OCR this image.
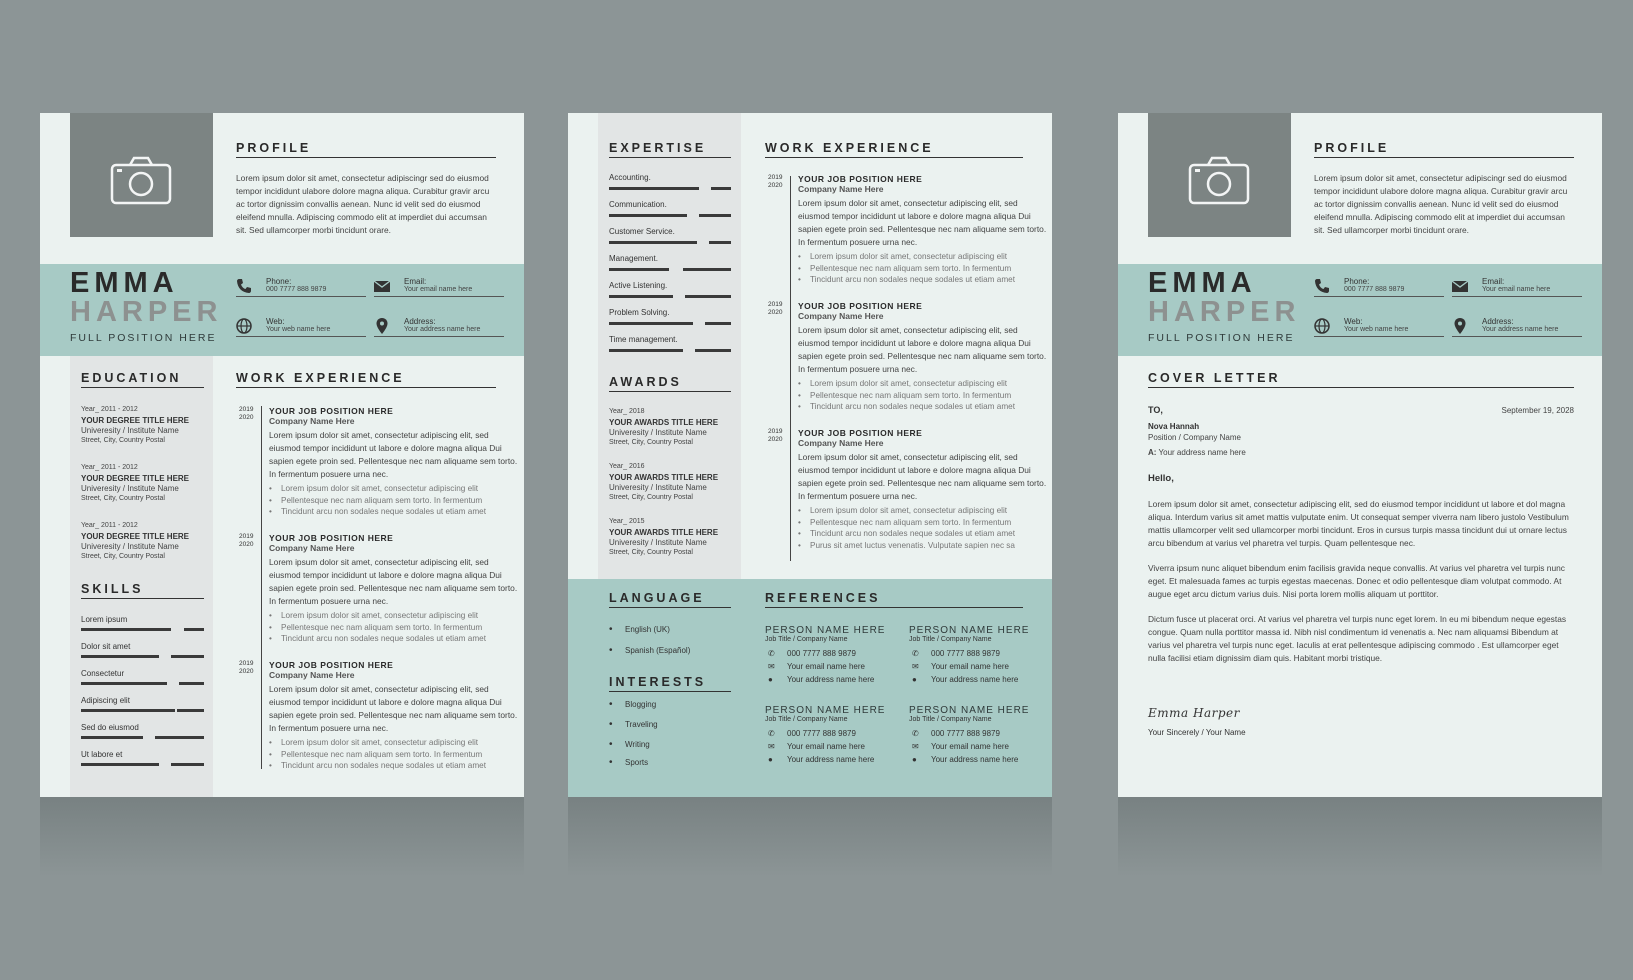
PROFILE
Lorem ipsum dolor sit amet, consectetur adipiscingr sed do eiusmod tempor incididunt ulabore dolore magna aliqua. Curabitur gravir arcu ac tortor dignissim convallis aenean. Nunc id velit sed do eiusmod eleifend mnulla. Adipiscing commodo elit at imperdiet dui accumsan sit. Sed ullamcorper morbi tincidunt orare.
EMMA
HARPER
FULL POSITION HERE
Phone:
000 7777 888 9879
Email:
Your email name here
Web:
Your web name here
Address:
Your address name here
EDUCATION
Year_ 2011 - 2012
YOUR DEGREE TITLE HERE
Univeresity / Institute Name
Street, City, Country Postal
Year_ 2011 - 2012
YOUR DEGREE TITLE HERE
Univeresity / Institute Name
Street, City, Country Postal
Year_ 2011 - 2012
YOUR DEGREE TITLE HERE
Univeresity / Institute Name
Street, City, Country Postal
SKILLS
Lorem ipsum
Dolor sit amet
Consectetur
Adipiscing elit
Sed do eiusmod
Ut labore et
WORK EXPERIENCE
2019
2020
YOUR JOB POSITION HERE
Company Name Here
Lorem ipsum dolor sit amet, consectetur adipiscing elit, sed eiusmod tempor incididunt ut labore e dolore magna aliqua Dui sapien egete proin sed. Pellentesque nec nam aliquame sem torto. In fermentum posuere urna nec.
• Lorem ipsum dolor sit amet, consectetur adipiscing elit
• Pellentesque nec nam aliquam sem torto. In fermentum
• Tincidunt arcu non sodales neque sodales ut etiam amet
2019
2020
YOUR JOB POSITION HERE
Company Name Here
Lorem ipsum dolor sit amet, consectetur adipiscing elit, sed eiusmod tempor incididunt ut labore e dolore magna aliqua Dui sapien egete proin sed. Pellentesque nec nam aliquame sem torto. In fermentum posuere urna nec.
• Lorem ipsum dolor sit amet, consectetur adipiscing elit
• Pellentesque nec nam aliquam sem torto. In fermentum
• Tincidunt arcu non sodales neque sodales ut etiam amet
2019
2020
YOUR JOB POSITION HERE
Company Name Here
Lorem ipsum dolor sit amet, consectetur adipiscing elit, sed eiusmod tempor incididunt ut labore e dolore magna aliqua Dui sapien egete proin sed. Pellentesque nec nam aliquame sem torto. In fermentum posuere urna nec.
• Lorem ipsum dolor sit amet, consectetur adipiscing elit
• Pellentesque nec nam aliquam sem torto. In fermentum
• Tincidunt arcu non sodales neque sodales ut etiam amet
EXPERTISE
Accounting.
Communication.
Customer Service.
Management.
Active Listening.
Problem Solving.
Time management.
AWARDS
Year_ 2018
YOUR AWARDS TITLE HERE
Univeresity / Institute Name
Street, City, Country Postal
Year_ 2016
YOUR AWARDS TITLE HERE
Univeresity / Institute Name
Street, City, Country Postal
Year_ 2015
YOUR AWARDS TITLE HERE
Univeresity / Institute Name
Street, City, Country Postal
WORK EXPERIENCE
2019
2020
YOUR JOB POSITION HERE
Company Name Here
Lorem ipsum dolor sit amet, consectetur adipiscing elit, sed eiusmod tempor incididunt ut labore e dolore magna aliqua Dui sapien egete proin sed. Pellentesque nec nam aliquame sem torto. In fermentum posuere urna nec.
• Lorem ipsum dolor sit amet, consectetur adipiscing elit
• Pellentesque nec nam aliquam sem torto. In fermentum
• Tincidunt arcu non sodales neque sodales ut etiam amet
2019
2020
YOUR JOB POSITION HERE
Company Name Here
Lorem ipsum dolor sit amet, consectetur adipiscing elit, sed eiusmod tempor incididunt ut labore e dolore magna aliqua Dui sapien egete proin sed. Pellentesque nec nam aliquame sem torto. In fermentum posuere urna nec.
• Lorem ipsum dolor sit amet, consectetur adipiscing elit
• Pellentesque nec nam aliquam sem torto. In fermentum
• Tincidunt arcu non sodales neque sodales ut etiam amet
2019
2020
YOUR JOB POSITION HERE
Company Name Here
Lorem ipsum dolor sit amet, consectetur adipiscing elit, sed eiusmod tempor incididunt ut labore e dolore magna aliqua Dui sapien egete proin sed. Pellentesque nec nam aliquame sem torto. In fermentum posuere urna nec.
• Lorem ipsum dolor sit amet, consectetur adipiscing elit
• Pellentesque nec nam aliquam sem torto. In fermentum
• Tincidunt arcu non sodales neque sodales ut etiam amet
• Purus sit amet luctus venenatis. Vulputate sapien nec sa
LANGUAGE
• English (UK)
• Spanish (Español)
INTERESTS
• Blogging
• Traveling
• Writing
• Sports
REFERENCES
PERSON NAME HERE
Job Title / Company Name
✆ 000 7777 888 9879
✉ Your email name here
● Your address name here
PERSON NAME HERE
Job Title / Company Name
✆ 000 7777 888 9879
✉ Your email name here
● Your address name here
PERSON NAME HERE
Job Title / Company Name
✆ 000 7777 888 9879
✉ Your email name here
● Your address name here
PERSON NAME HERE
Job Title / Company Name
✆ 000 7777 888 9879
✉ Your email name here
● Your address name here
PROFILE
Lorem ipsum dolor sit amet, consectetur adipiscingr sed do eiusmod tempor incididunt ulabore dolore magna aliqua. Curabitur gravir arcu ac tortor dignissim convallis aenean. Nunc id velit sed do eiusmod eleifend mnulla. Adipiscing commodo elit at imperdiet dui accumsan sit. Sed ullamcorper morbi tincidunt orare.
EMMA
HARPER
FULL POSITION HERE
Phone:
000 7777 888 9879
Email:
Your email name here
Web:
Your web name here
Address:
Your address name here
COVER LETTER
TO,	September 19, 2028
Nova Hannah
Position / Company Name
A: Your address name here
Hello,
Lorem ipsum dolor sit amet, consectetur adipiscing elit, sed do eiusmod tempor incididunt ut labore et dol magna aliqua. Interdum varius sit amet mattis vulputate enim. Ut consequat semper viverra nam libero justolo Vestibulum mattis ullamcorper velit sed ullamcorper morbi tincidunt. Eros in cursus turpis massa tincidunt dui ut ornare lectus arcu bibendum at varius vel pharetra vel turpis. Quam pellentesque nec.
Viverra ipsum nunc aliquet bibendum enim facilisis gravida neque convallis. At varius vel pharetra vel turpis nunc eget. Et malesuada fames ac turpis egestas maecenas. Donec et odio pellentesque diam volutpat commodo. At augue eget arcu dictum varius duis. Nisi porta lorem mollis aliquam ut porttitor.
Dictum fusce ut placerat orci. At varius vel pharetra vel turpis nunc eget lorem. In eu mi bibendum neque egestas congue. Quam nulla porttitor massa id. Nibh nisl condimentum id venenatis a. Nec nam aliquamsi Bibendum at varius vel pharetra vel turpis nunc eget. Iaculis at erat pellentesque adipiscing commodo . Est ullamcorper eget nulla facilisi etiam dignissim diam quis. Habitant morbi tristique.
Emma Harper
Your Sincerely / Your Name
